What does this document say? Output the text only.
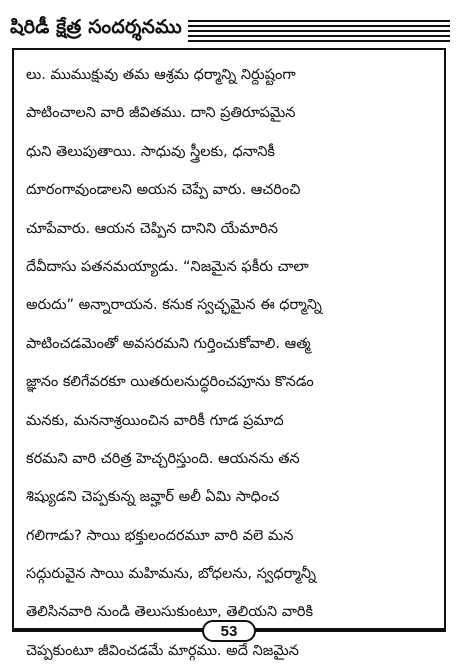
షిరిడీ క్షేత్ర సందర్శనము
లు. ముముక్షువు తమ ఆశ్రమ ధర్మాన్ని నిర్దుష్టంగా
పాటించాలని వారి జీవితము. దాని ప్రతిరూపమైన
ధుని తెలుపుతాయి. సాధువు స్త్రీలకు, ధనానికీ
దూరంగావుండాలని అయన చెప్పే వారు. ఆచరించి
చూపేవారు. ఆయన చెప్పిన దానిని యేమారిన
దేవీదాసు పతనమయ్యాడు. “నిజమైన ఫకీరు చాలా
అరుదు” అన్నారాయన. కనుక స్వచ్ఛమైన ఈ ధర్మాన్ని
పాటించడమెంతో అవసరమని గుర్తించుకోవాలి. ఆత్మ
జ్ఞానం కలిగేవరకూ యితరులనుద్ధరించపూను కొనడం
మనకు, మననాశ్రయించిన వారికీ గూడ ప్రమాద
కరమని వారి చరిత్ర హెచ్చరిస్తుంది. ఆయనను తన
శిష్యుడని చెప్పకున్న జవ్హార్ అలీ ఏమి సాధించ
గలిగాడు? సాయి భక్తులందరమూ వారి వలె మన
సద్గురువైన సాయి మహిమను, బోధలను, స్వధర్మాన్నీ
తెలిసినవారి నుండి తెలుసుకుంటూ, తెలియని వారికి
చెప్పకుంటూ జీవించడమే మార్గము. అదే నిజమైన
53
